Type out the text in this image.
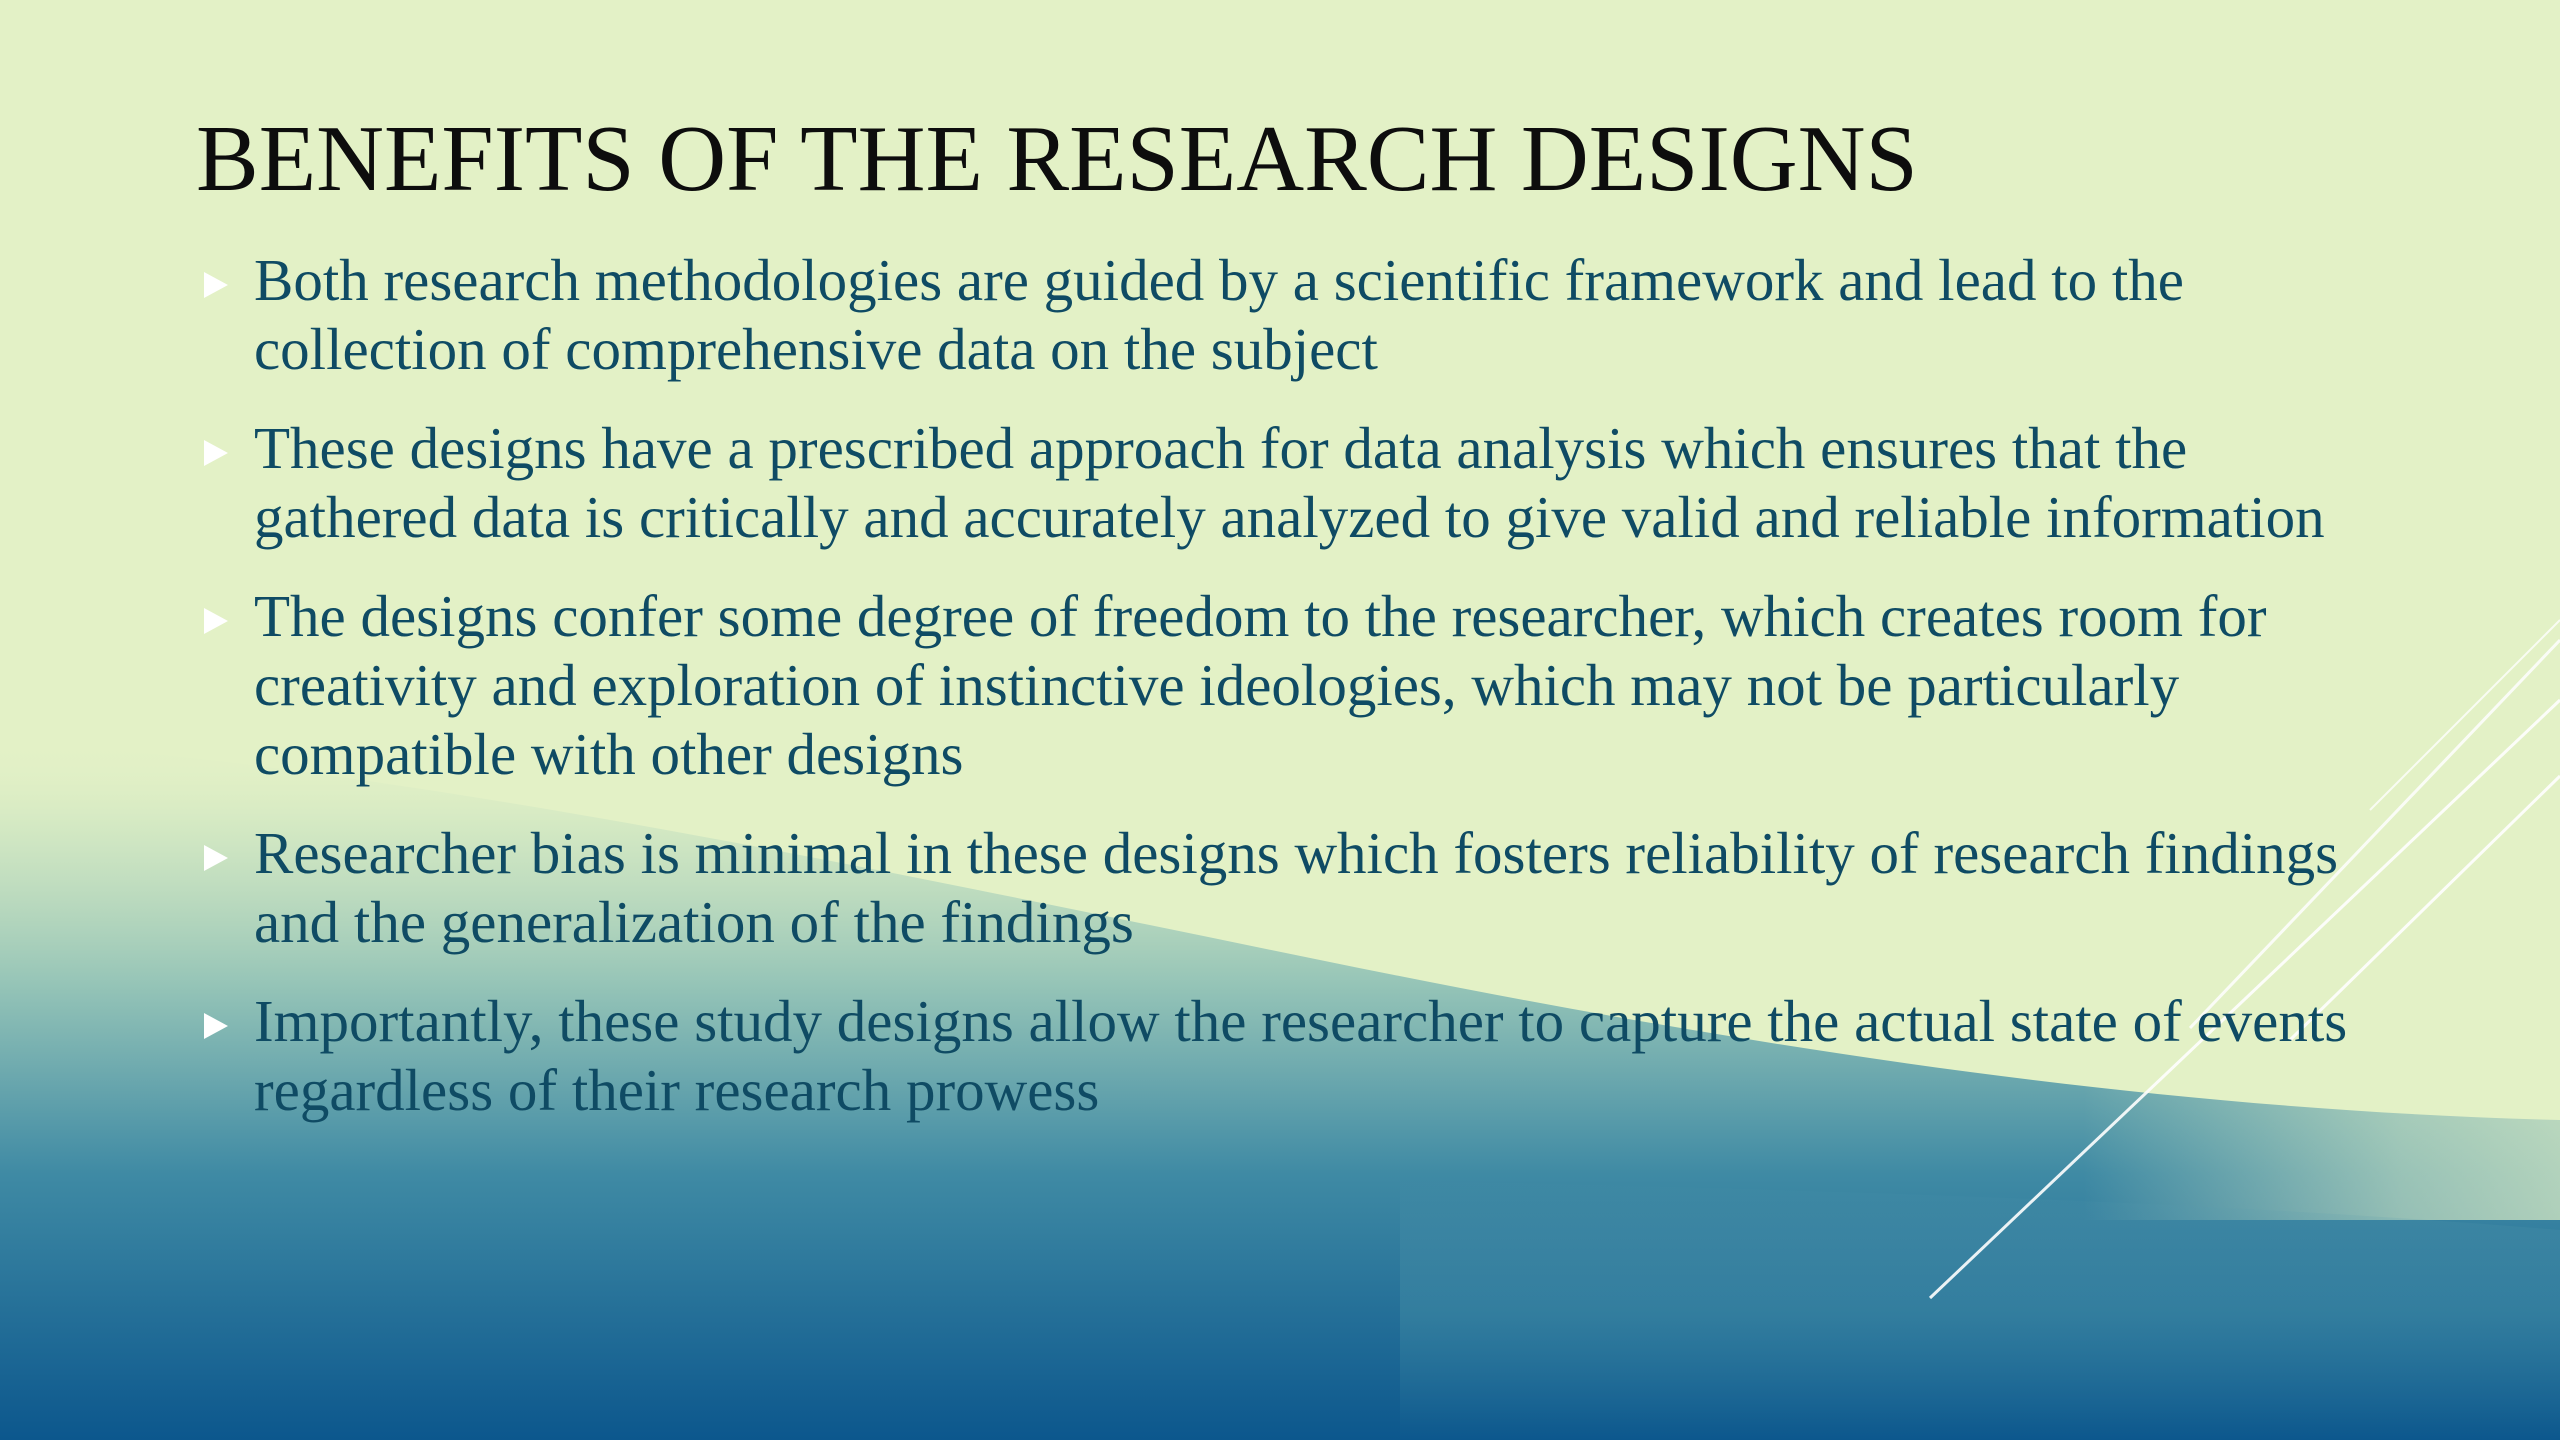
BENEFITS OF THE RESEARCH DESIGNS
Both research methodologies are guided by a scientific framework and lead to the collection of comprehensive data on the subject
These designs have a prescribed approach for data analysis which ensures that the gathered data is critically and accurately analyzed to give valid and reliable information
The designs confer some degree of freedom to the researcher, which creates room for creativity and exploration of instinctive ideologies, which may not be particularly compatible with other designs
Researcher bias is minimal in these designs which fosters reliability of research findings and the generalization of the findings
Importantly, these study designs allow the researcher to capture the actual state of events regardless of their research prowess
